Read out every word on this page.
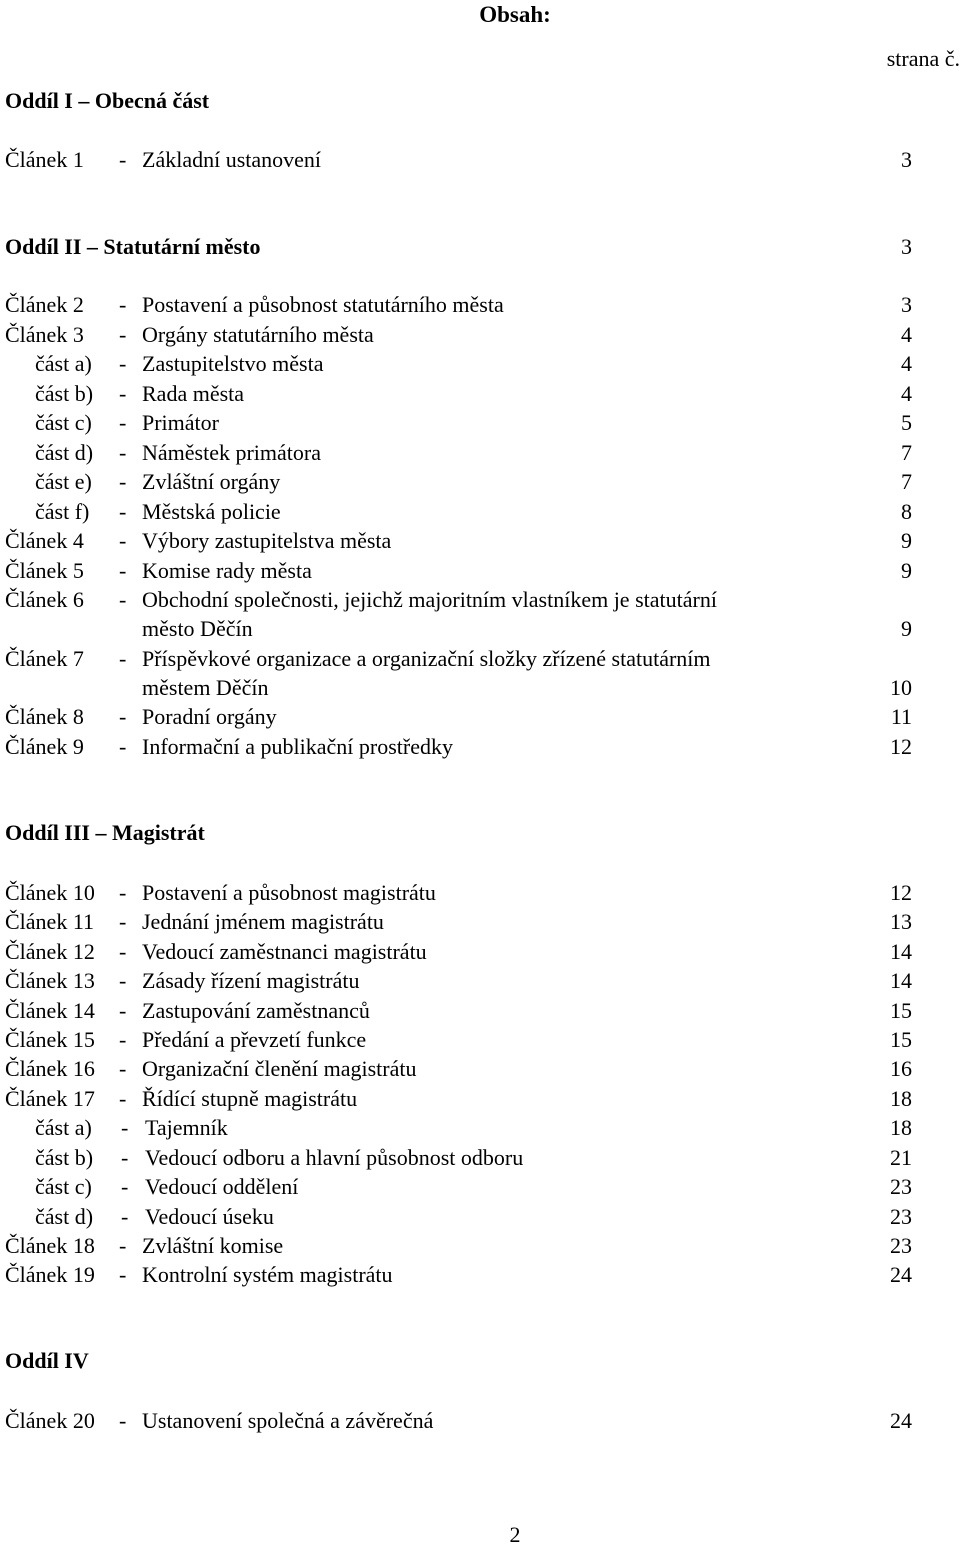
Obsah:
strana č.
Oddíl I – Obecná část
Článek 1 - Základní ustanovení	3
Oddíl II – Statutární město	3
Článek 2 - Postavení a působnost statutárního města	3
Článek 3 - Orgány statutárního města	4
část a) - Zastupitelstvo města	4
část b) - Rada města	4
část c) - Primátor	5
část d) - Náměstek primátora	7
část e) - Zvláštní orgány	7
část f) - Městská policie	8
Článek 4 - Výbory zastupitelstva města	9
Článek 5 - Komise rady města	9
Článek 6 - Obchodní společnosti, jejichž majoritním vlastníkem je statutární
město Děčín	9
Článek 7 - Příspěvkové organizace a organizační složky zřízené statutárním
městem Děčín	10
Článek 8 - Poradní orgány	11
Článek 9 - Informační a publikační prostředky	12
Oddíl III – Magistrát
Článek 10 - Postavení a působnost magistrátu	12
Článek 11 - Jednání jménem magistrátu	13
Článek 12 - Vedoucí zaměstnanci magistrátu	14
Článek 13 - Zásady řízení magistrátu	14
Článek 14 - Zastupování zaměstnanců	15
Článek 15 - Předání a převzetí funkce	15
Článek 16 - Organizační členění magistrátu	16
Článek 17 - Řídící stupně magistrátu	18
část a) - Tajemník	18
část b) - Vedoucí odboru a hlavní působnost odboru	21
část c) - Vedoucí oddělení	23
část d) - Vedoucí úseku	23
Článek 18 - Zvláštní komise	23
Článek 19 - Kontrolní systém magistrátu	24
Oddíl IV
Článek 20 - Ustanovení společná a závěrečná	24
2
